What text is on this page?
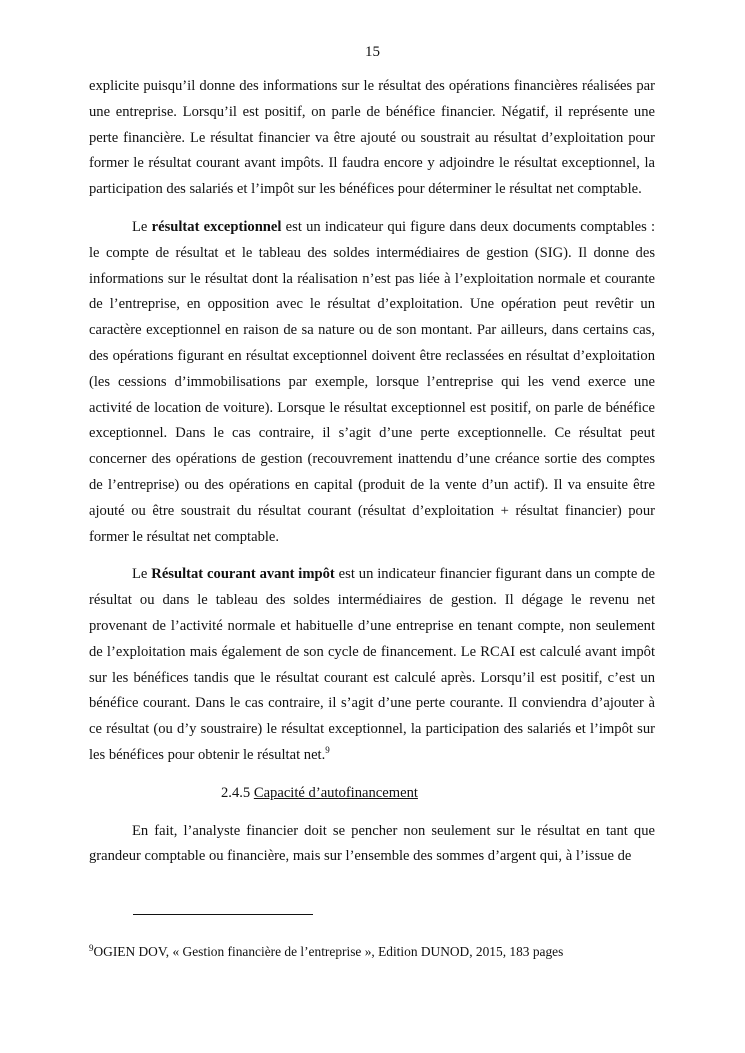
15

explicite puisqu’il donne des informations sur le résultat des opérations financières réalisées par une entreprise. Lorsqu’il est positif, on parle de bénéfice financier. Négatif, il représente une perte financière. Le résultat financier va être ajouté ou soustrait au résultat d’exploitation pour former le résultat courant avant impôts. Il faudra encore y adjoindre le résultat exceptionnel, la participation des salariés et l’impôt sur les bénéfices pour déterminer le résultat net comptable.

Le résultat exceptionnel est un indicateur qui figure dans deux documents comptables : le compte de résultat et le tableau des soldes intermédiaires de gestion (SIG). Il donne des informations sur le résultat dont la réalisation n’est pas liée à l’exploitation normale et courante de l’entreprise, en opposition avec le résultat d’exploitation. Une opération peut revêtir un caractère exceptionnel en raison de sa nature ou de son montant. Par ailleurs, dans certains cas, des opérations figurant en résultat exceptionnel doivent être reclassées en résultat d’exploitation (les cessions d’immobilisations par exemple, lorsque l’entreprise qui les vend exerce une activité de location de voiture). Lorsque le résultat exceptionnel est positif, on parle de bénéfice exceptionnel. Dans le cas contraire, il s’agit d’une perte exceptionnelle. Ce résultat peut concerner des opérations de gestion (recouvrement inattendu d’une créance sortie des comptes de l’entreprise) ou des opérations en capital (produit de la vente d’un actif). Il va ensuite être ajouté ou être soustrait du résultat courant (résultat d’exploitation + résultat financier) pour former le résultat net comptable.

Le Résultat courant avant impôt est un indicateur financier figurant dans un compte de résultat ou dans le tableau des soldes intermédiaires de gestion. Il dégage le revenu net provenant de l’activité normale et habituelle d’une entreprise en tenant compte, non seulement de l’exploitation mais également de son cycle de financement. Le RCAI est calculé avant impôt sur les bénéfices tandis que le résultat courant est calculé après. Lorsqu’il est positif, c’est un bénéfice courant. Dans le cas contraire, il s’agit d’une perte courante. Il conviendra d’ajouter à ce résultat (ou d’y soustraire) le résultat exceptionnel, la participation des salariés et l’impôt sur les bénéfices pour obtenir le résultat net.$^9$

2.4.5 Capacité d’autofinancement

En fait, l’analyste financier doit se pencher non seulement sur le résultat en tant que grandeur comptable ou financière, mais sur l’ensemble des sommes d’argent qui, à l’issue de

$^9$OGIEN DOV, « Gestion financière de l’entreprise », Edition DUNOD, 2015, 183 pages
